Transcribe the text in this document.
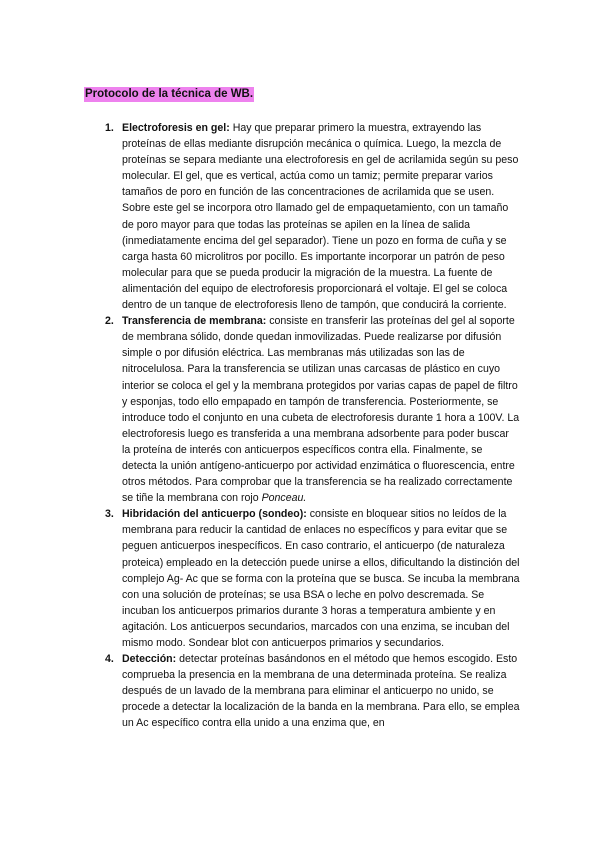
Protocolo de la técnica de WB.
1. Electroforesis en gel: Hay que preparar primero la muestra, extrayendo las proteínas de ellas mediante disrupción mecánica o química. Luego, la mezcla de proteínas se separa mediante una electroforesis en gel de acrilamida según su peso molecular. El gel, que es vertical, actúa como un tamiz; permite preparar varios tamaños de poro en función de las concentraciones de acrilamida que se usen. Sobre este gel se incorpora otro llamado gel de empaquetamiento, con un tamaño de poro mayor para que todas las proteínas se apilen en la línea de salida (inmediatamente encima del gel separador). Tiene un pozo en forma de cuña y se carga hasta 60 microlitros por pocillo. Es importante incorporar un patrón de peso molecular para que se pueda producir la migración de la muestra. La fuente de alimentación del equipo de electroforesis proporcionará el voltaje. El gel se coloca dentro de un tanque de electroforesis lleno de tampón, que conducirá la corriente.
2. Transferencia de membrana: consiste en transferir las proteínas del gel al soporte de membrana sólido, donde quedan inmovilizadas. Puede realizarse por difusión simple o por difusión eléctrica. Las membranas más utilizadas son las de nitrocelulosa. Para la transferencia se utilizan unas carcasas de plástico en cuyo interior se coloca el gel y la membrana protegidos por varias capas de papel de filtro y esponjas, todo ello empapado en tampón de transferencia. Posteriormente, se introduce todo el conjunto en una cubeta de electroforesis durante 1 hora a 100V. La electroforesis luego es transferida a una membrana adsorbente para poder buscar la proteína de interés con anticuerpos específicos contra ella. Finalmente, se detecta la unión antígeno-anticuerpo por actividad enzimática o fluorescencia, entre otros métodos. Para comprobar que la transferencia se ha realizado correctamente se tiñe la membrana con rojo Ponceau.
3. Hibridación del anticuerpo (sondeo): consiste en bloquear sitios no leídos de la membrana para reducir la cantidad de enlaces no específicos y para evitar que se peguen anticuerpos inespecíficos. En caso contrario, el anticuerpo (de naturaleza proteica) empleado en la detección puede unirse a ellos, dificultando la distinción del complejo Ag- Ac que se forma con la proteína que se busca. Se incuba la membrana con una solución de proteínas; se usa BSA o leche en polvo descremada. Se incuban los anticuerpos primarios durante 3 horas a temperatura ambiente y en agitación. Los anticuerpos secundarios, marcados con una enzima, se incuban del mismo modo. Sondear blot con anticuerpos primarios y secundarios.
4. Detección: detectar proteínas basándonos en el método que hemos escogido. Esto comprueba la presencia en la membrana de una determinada proteína. Se realiza después de un lavado de la membrana para eliminar el anticuerpo no unido, se procede a detectar la localización de la banda en la membrana. Para ello, se emplea un Ac específico contra ella unido a una enzima que, en
